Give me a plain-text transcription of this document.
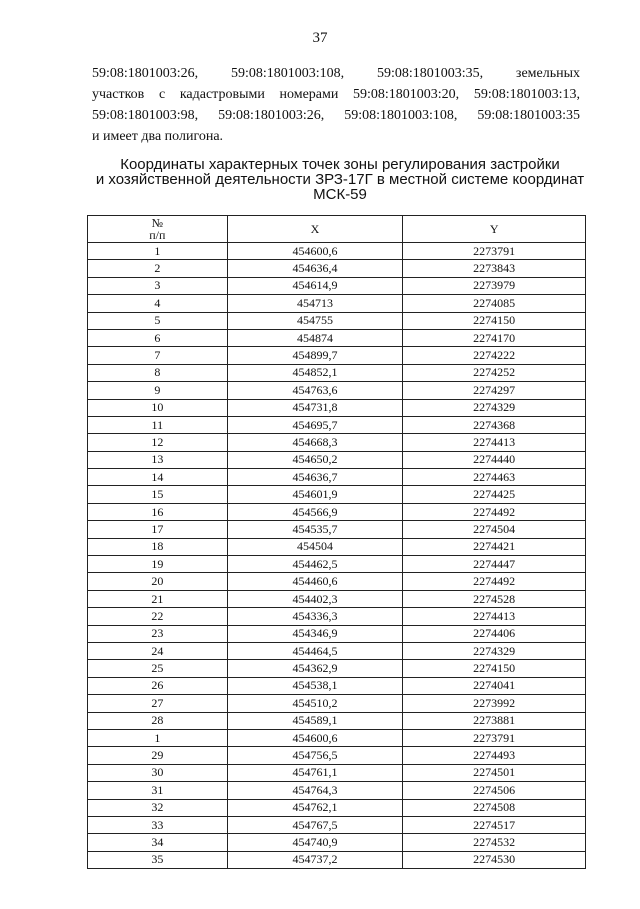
37
59:08:1801003:26, 59:08:1801003:108, 59:08:1801003:35, земельных
участков с кадастровыми номерами 59:08:1801003:20, 59:08:1801003:13,
59:08:1801003:98, 59:08:1801003:26, 59:08:1801003:108, 59:08:1801003:35
и имеет два полигона.
Координаты характерных точек зоны регулирования застройки
и хозяйственной деятельности ЗРЗ-17Г в местной системе координат
МСК-59
№
п/п	X	Y
1	454600,6	2273791
2	454636,4	2273843
3	454614,9	2273979
4	454713	2274085
5	454755	2274150
6	454874	2274170
7	454899,7	2274222
8	454852,1	2274252
9	454763,6	2274297
10	454731,8	2274329
11	454695,7	2274368
12	454668,3	2274413
13	454650,2	2274440
14	454636,7	2274463
15	454601,9	2274425
16	454566,9	2274492
17	454535,7	2274504
18	454504	2274421
19	454462,5	2274447
20	454460,6	2274492
21	454402,3	2274528
22	454336,3	2274413
23	454346,9	2274406
24	454464,5	2274329
25	454362,9	2274150
26	454538,1	2274041
27	454510,2	2273992
28	454589,1	2273881
1	454600,6	2273791
29	454756,5	2274493
30	454761,1	2274501
31	454764,3	2274506
32	454762,1	2274508
33	454767,5	2274517
34	454740,9	2274532
35	454737,2	2274530
